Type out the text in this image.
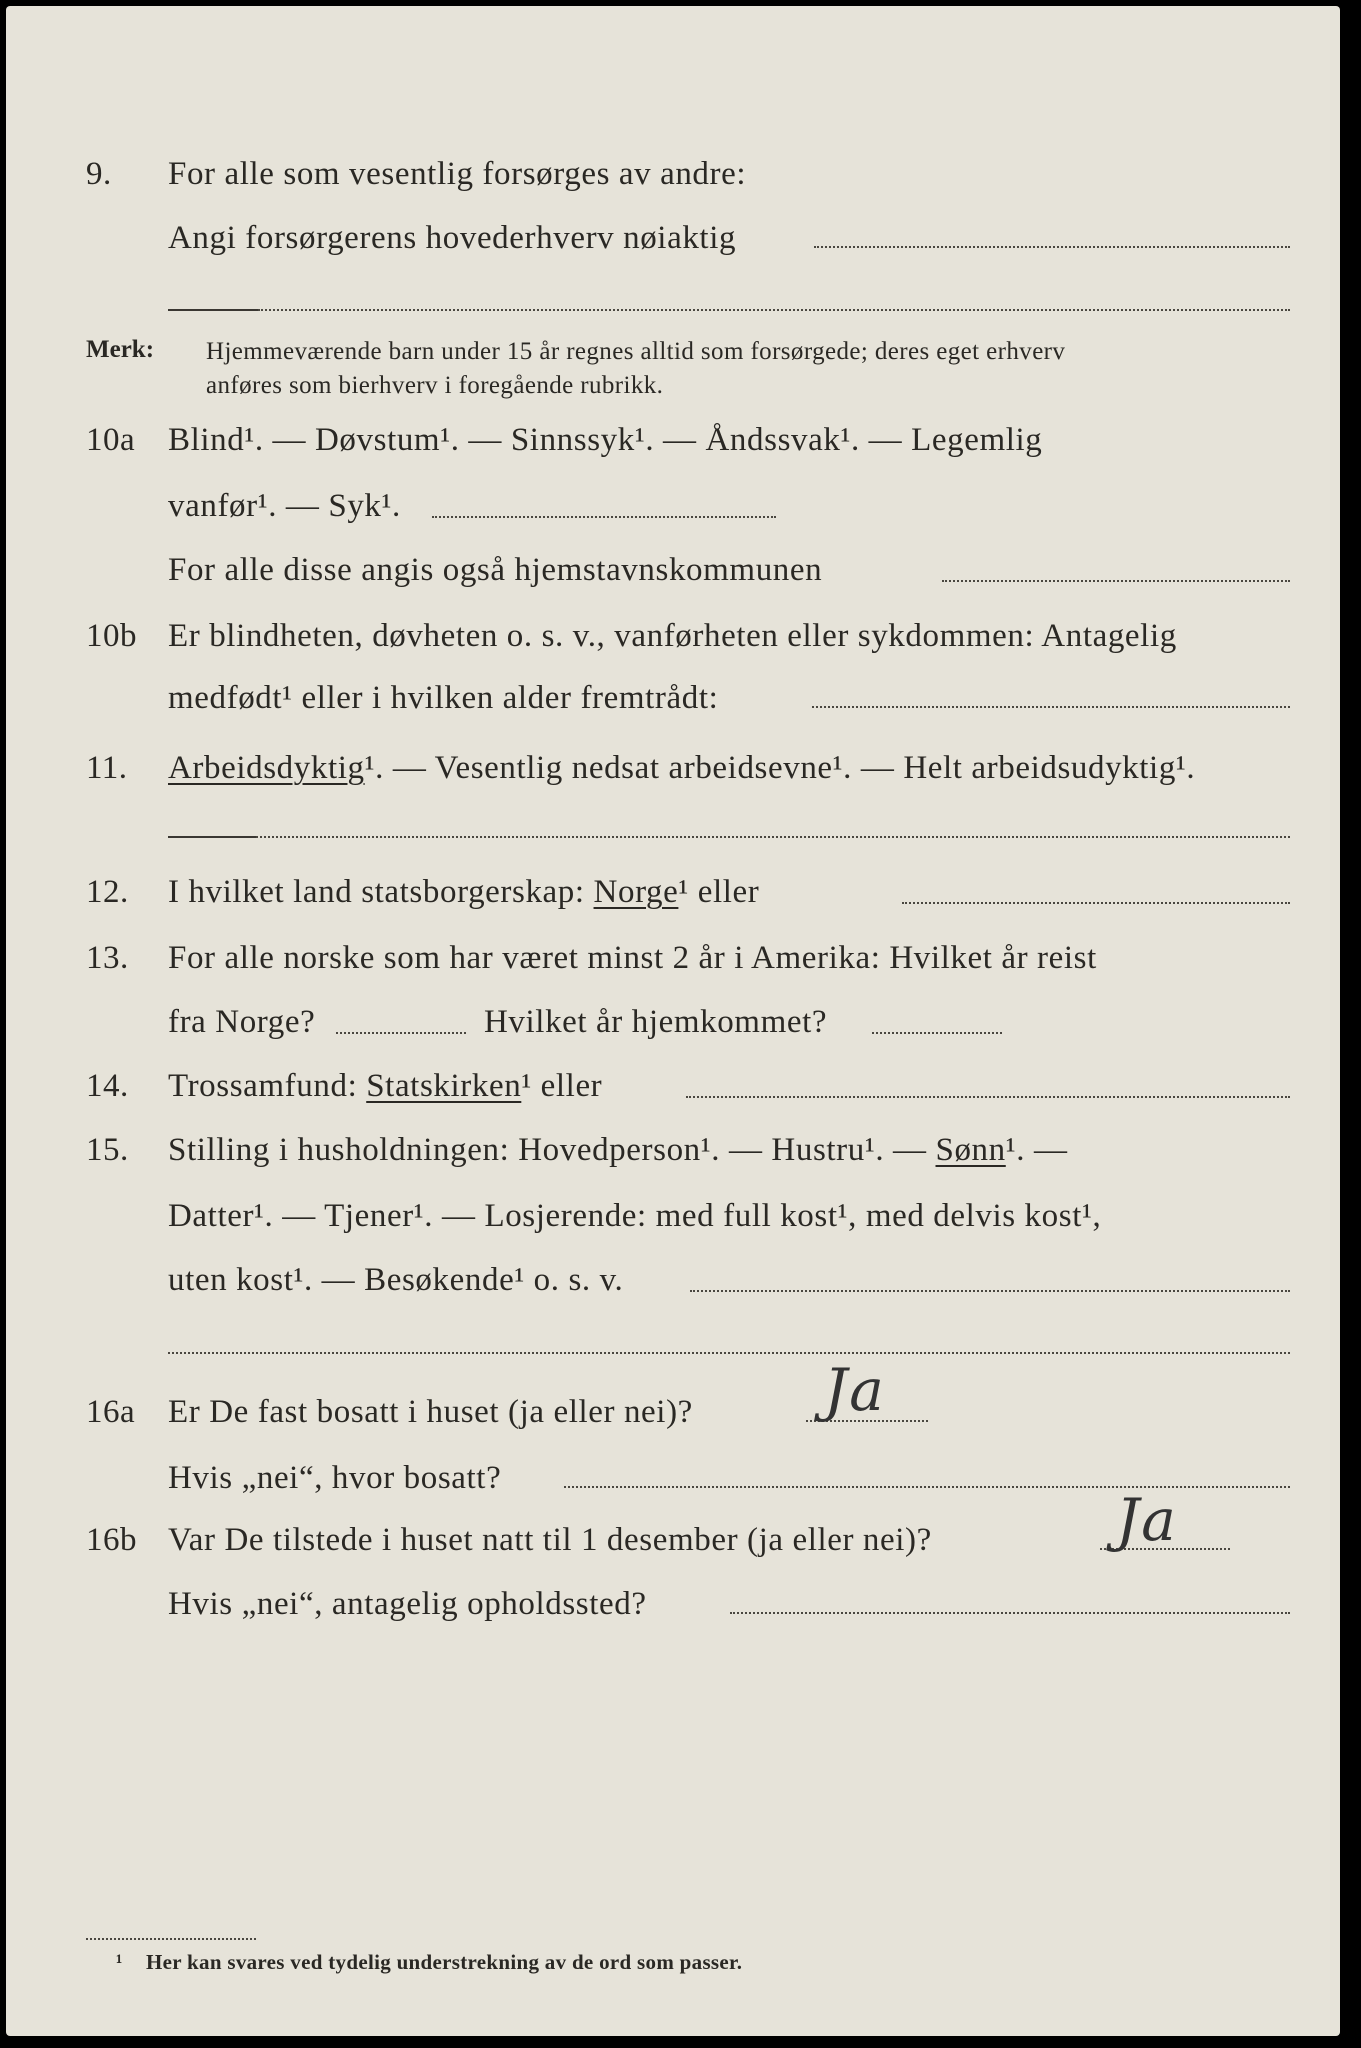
9. For alle som vesentlig forsørges av andre:
Angi forsørgerens hovederhverv nøiaktig
Merk: Hjemmeværende barn under 15 år regnes alltid som forsørgede; deres eget erhverv
anføres som bierhverv i foregående rubrikk.
10a Blind¹. — Døvstum¹. — Sinnssyk¹. — Åndssvak¹. — Legemlig
vanfør¹. — Syk¹.
For alle disse angis også hjemstavnskommunen
10b Er blindheten, døvheten o. s. v., vanførheten eller sykdommen: Antagelig
medfødt¹ eller i hvilken alder fremtrådt:
11. Arbeidsdyktig¹. — Vesentlig nedsat arbeidsevne¹. — Helt arbeidsudyktig¹.
12. I hvilket land statsborgerskap: Norge¹ eller
13. For alle norske som har været minst 2 år i Amerika: Hvilket år reist
fra Norge?	Hvilket år hjemkommet?
14. Trossamfund: Statskirken¹ eller
15. Stilling i husholdningen: Hovedperson¹. — Hustru¹. — Sønn¹. —
Datter¹. — Tjener¹. — Losjerende: med full kost¹, med delvis kost¹,
uten kost¹. — Besøkende¹ o. s. v.
16a Er De fast bosatt i huset (ja eller nei)? Ja
Hvis „nei“, hvor bosatt?
16b Var De tilstede i huset natt til 1 desember (ja eller nei)?	Ja
Hvis „nei“, antagelig opholdssted?
¹ Her kan svares ved tydelig understrekning av de ord som passer.
